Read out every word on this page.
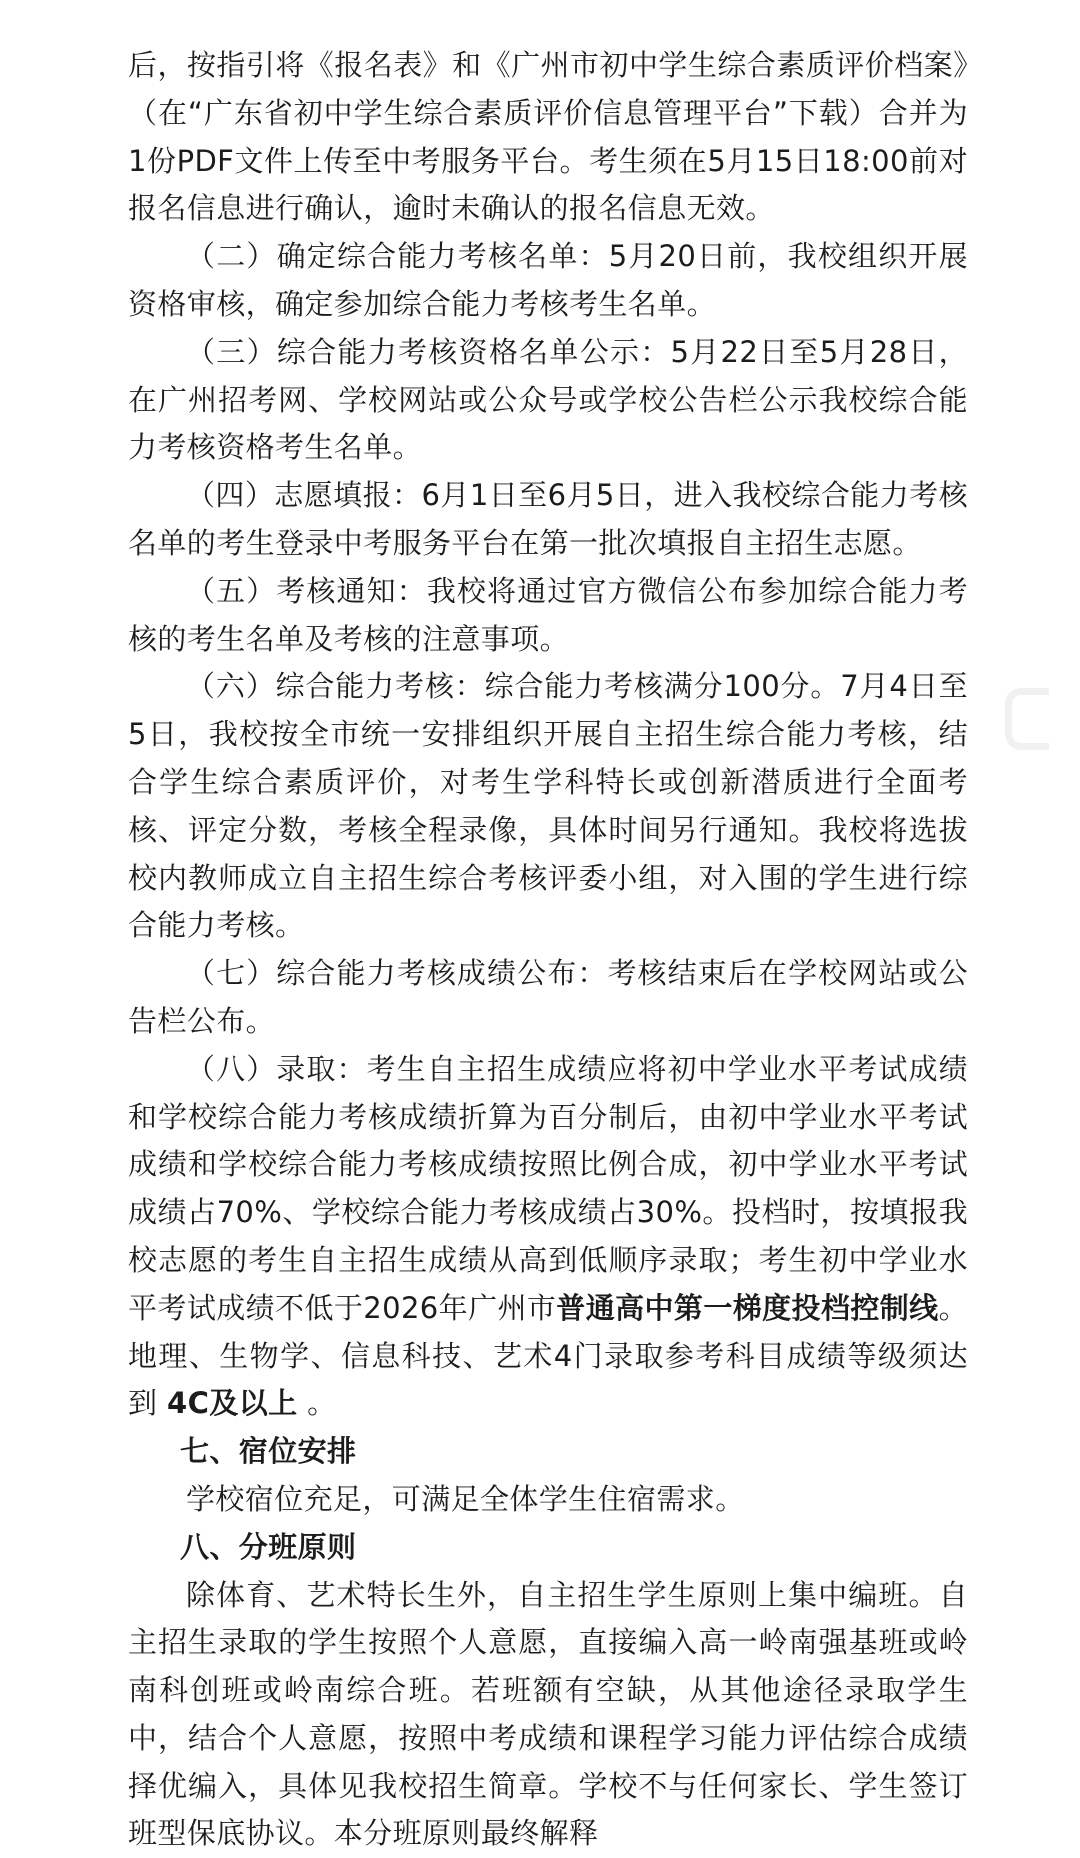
后，按指引将《报名表》和《广州市初中学生综合素质评价档案》（在“广东省初中学生综合素质评价信息管理平台”下载）合并为1份PDF文件上传至中考服务平台。考生须在5月15日18:00前对报名信息进行确认，逾时未确认的报名信息无效。

（二）确定综合能力考核名单：5月20日前，我校组织开展资格审核，确定参加综合能力考核考生名单。

（三）综合能力考核资格名单公示：5月22日至5月28日，在广州招考网、学校网站或公众号或学校公告栏公示我校综合能力考核资格考生名单。

（四）志愿填报：6月1日至6月5日，进入我校综合能力考核名单的考生登录中考服务平台在第一批次填报自主招生志愿。

（五）考核通知：我校将通过官方微信公布参加综合能力考核的考生名单及考核的注意事项。

（六）综合能力考核：综合能力考核满分100分。7月4日至5日，我校按全市统一安排组织开展自主招生综合能力考核，结合学生综合素质评价，对考生学科特长或创新潜质进行全面考核、评定分数，考核全程录像，具体时间另行通知。我校将选拔校内教师成立自主招生综合考核评委小组，对入围的学生进行综合能力考核。

（七）综合能力考核成绩公布：考核结束后在学校网站或公告栏公布。

（八）录取：考生自主招生成绩应将初中学业水平考试成绩和学校综合能力考核成绩折算为百分制后，由初中学业水平考试成绩和学校综合能力考核成绩按照比例合成，初中学业水平考试成绩占70%、学校综合能力考核成绩占30%。投档时，按填报我校志愿的考生自主招生成绩从高到低顺序录取；考生初中学业水平考试成绩不低于2026年广州市普通高中第一梯度投档控制线。地理、生物学、信息科技、艺术4门录取参考科目成绩等级须达到 4C及以上 。

七、宿位安排

学校宿位充足，可满足全体学生住宿需求。

八、分班原则

除体育、艺术特长生外，自主招生学生原则上集中编班。自主招生录取的学生按照个人意愿，直接编入高一岭南强基班或岭南科创班或岭南综合班。若班额有空缺，从其他途径录取学生中，结合个人意愿，按照中考成绩和课程学习能力评估综合成绩择优编入，具体见我校招生简章。学校不与任何家长、学生签订班型保底协议。本分班原则最终解释
